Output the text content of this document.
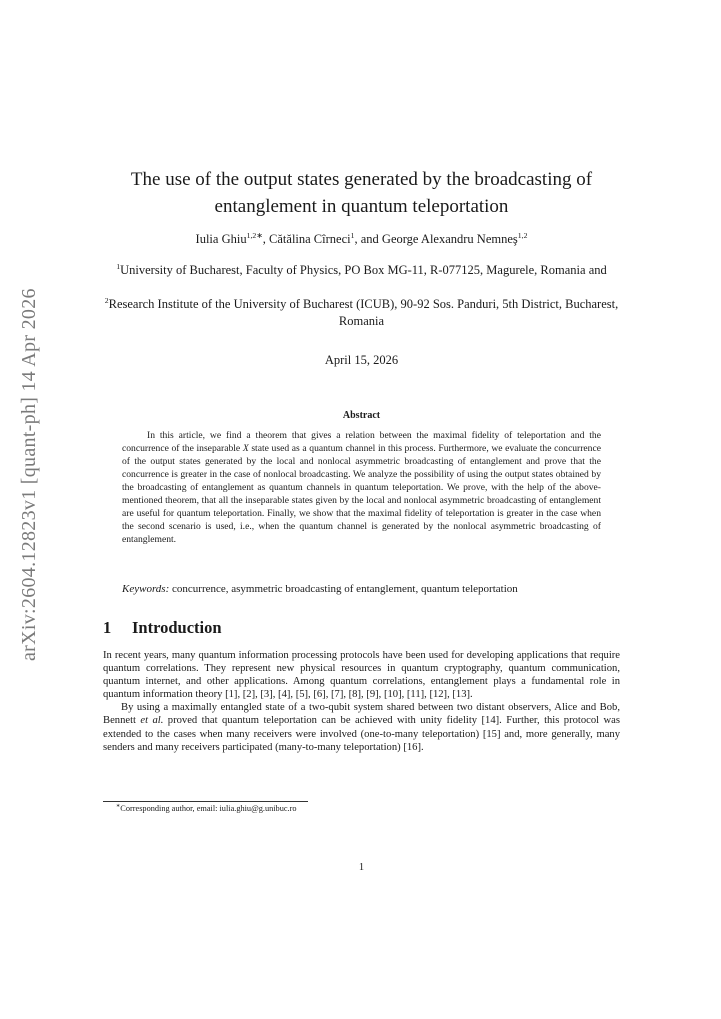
arXiv:2604.12823v1 [quant-ph] 14 Apr 2026
The use of the output states generated by the broadcasting of entanglement in quantum teleportation
Iulia Ghiu$^{1,2∗}$, Cătălina Cîrneci$^1$, and George Alexandru Nemneş$^{1,2}$
$^1$University of Bucharest, Faculty of Physics, PO Box MG-11, R-077125, Magurele, Romania and
$^2$Research Institute of the University of Bucharest (ICUB), 90-92 Sos. Panduri, 5th District, Bucharest, Romania
April 15, 2026
Abstract
In this article, we find a theorem that gives a relation between the maximal fidelity of teleportation and the concurrence of the inseparable X state used as a quantum channel in this process. Furthermore, we evaluate the concurrence of the output states generated by the local and nonlocal asymmetric broadcasting of entanglement and prove that the concurrence is greater in the case of nonlocal broadcasting. We analyze the possibility of using the output states obtained by the broadcasting of entanglement as quantum channels in quantum teleportation. We prove, with the help of the above-mentioned theorem, that all the inseparable states given by the local and nonlocal asymmetric broadcasting of entanglement are useful for quantum teleportation. Finally, we show that the maximal fidelity of teleportation is greater in the case when the second scenario is used, i.e., when the quantum channel is generated by the nonlocal asymmetric broadcasting of entanglement.
Keywords: concurrence, asymmetric broadcasting of entanglement, quantum teleportation
1 Introduction

In recent years, many quantum information processing protocols have been used for developing applications that require quantum correlations. They represent new physical resources in quantum cryptography, quantum communication, quantum internet, and other applications. Among quantum correlations, entanglement plays a fundamental role in quantum information theory [1], [2], [3], [4], [5], [6], [7], [8], [9], [10], [11], [12], [13].

By using a maximally entangled state of a two-qubit system shared between two distant observers, Alice and Bob, Bennett et al. proved that quantum teleportation can be achieved with unity fidelity [14]. Further, this protocol was extended to the cases when many receivers were involved (one-to-many teleportation) [15] and, more generally, many senders and many receivers participated (many-to-many teleportation) [16].

∗Corresponding author, email: iulia.ghiu@g.unibuc.ro
1
